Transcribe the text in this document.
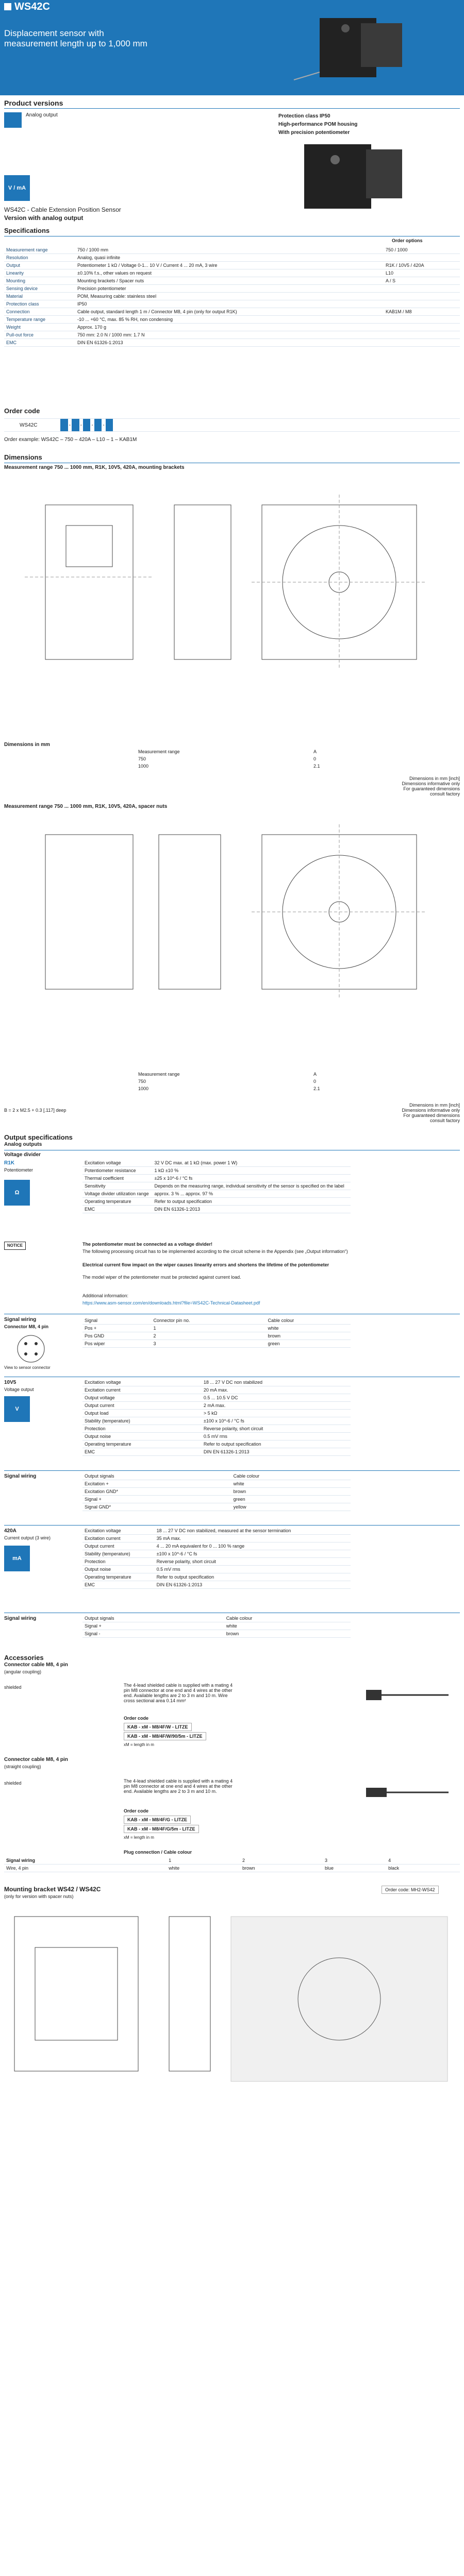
WS42C
Displacement sensor with measurement length up to 1,000 mm
Product versions
Analog output	Protection class IP50
High-performance POM housing
With precision potentiometer
V / mA
WS42C - Cable Extension Position Sensor
Version with analog output
Specifications
Order options
Measurement range	750 / 1000 mm	750 / 1000
Resolution	Analog, quasi infinite	
Output	Potentiometer 1 kΩ / Voltage 0-1... 10 V / Current 4 ... 20 mA, 3 wire	R1K / 10V5 / 420A
Linearity	±0.10% f.s., other values on request	L10
Mounting	Mounting brackets / Spacer nuts	A / S
Sensing device	Precision potentiometer	
Material	POM, Measuring cable: stainless steel	
Protection class	IP50	
Connection	Cable output, standard length 1 m / Connector M8, 4 pin (only for output R1K)	KAB1M / M8
Temperature range	-10 ... +60 °C, max. 85 % RH, non condensing	
Weight	Approx. 170 g	
Pull-out force	750 mm: 2.0 N / 1000 mm: 1.7 N	
EMC	DIN EN 61326-1:2013	
Order code
WS42C	- - - -
Order example: WS42C – 750 – 420A – L10 – 1 – KAB1M
Dimensions
Measurement range 750 ... 1000 mm, R1K, 10V5, 420A, mounting brackets
Dimensions in mm
Measurement range	A
750	0
1000	2.1
Dimensions in mm [inch]
Dimensions informative only
For guaranteed dimensions consult factory
Measurement range 750 ... 1000 mm, R1K, 10V5, 420A, spacer nuts
Measurement range	A
750	0
1000	2.1
B = 2 x M2.5 + 0.3 [.117] deep
Dimensions in mm [inch]
Dimensions informative only
For guaranteed dimensions consult factory
Output specifications
Analog outputs
Voltage divider
R1K
Potentiometer
Ω
Excitation voltage	32 V DC max. at 1 kΩ (max. power 1 W)
Potentiometer resistance	1 kΩ ±10 %
Thermal coefficient	±25 x 10^-6 / °C fs
Sensitivity	Depends on the measuring range, individual sensitivity of the sensor is specified on the label
Voltage divider utilization range	approx. 3 % ... approx. 97 %
Operating temperature	Refer to output specification
EMC	DIN EN 61326-1:2013
NOTICE	The potentiometer must be connected as a voltage divider!
The following processing circuit has to be implemented according to the circuit scheme in the Appendix (see „Output information“)
Electrical current flow impact on the wiper causes linearity errors and shortens the lifetime of the potentiometer
The model wiper of the potentiometer must be protected against current load.
Additional information:
https://www.asm-sensor.com/en/downloads.html?file=WS42C-Technical-Datasheet.pdf
Signal wiring
Connector M8, 4 pin
View to sensor connector
Signal	Connector pin no.	Cable colour
Pos +	1	white
Pos GND	2	brown
Pos wiper	3	green
10V5
Voltage output
V
Excitation voltage	18 ... 27 V DC non stabilized
Excitation current	20 mA max.
Output voltage	0.5 ... 10.5 V DC
Output current	2 mA max.
Output load	> 5 kΩ
Stability (temperature)	±100 x 10^-6 / °C fs
Protection	Reverse polarity, short circuit
Output noise	0.5 mV rms
Operating temperature	Refer to output specification
EMC	DIN EN 61326-1:2013
Signal wiring	Output signals	Cable colour
Excitation +	white
Excitation GND*	brown
Signal +	green
Signal GND*	yellow
420A
Current output (3 wire)
mA
Excitation voltage	18 ... 27 V DC non stabilized, measured at the sensor termination
Excitation current	35 mA max.
Output current	4 ... 20 mA equivalent for 0 ... 100 % range
Stability (temperature)	±100 x 10^-6 / °C fs
Protection	Reverse polarity, short circuit
Output noise	0.5 mV rms
Operating temperature	Refer to output specification
EMC	DIN EN 61326-1:2013
Signal wiring	Output signals	Cable colour
Signal +	white
Signal -	brown
Accessories
Connector cable M8, 4 pin
(angular coupling)
shielded	The 4-lead shielded cable is supplied with a mating 4 pin M8 connector at one end and 4 wires at the other end. Available lengths are 2 to 3 m and 10 m. Wire cross sectional area 0.14 mm²
Order code
KAB - xM - M8/4F/W - LITZE
KAB - xM - M8/4F/W/90/5m - LITZE
xM = length in m
Connector cable M8, 4 pin
(straight coupling)
shielded	The 4-lead shielded cable is supplied with a mating 4 pin M8 connector at one end and 4 wires at the other end. Available lengths are 2 to 3 m and 10 m.
Order code
KAB - xM - M8/4F/G - LITZE
KAB - xM - M8/4F/G/5m - LITZE
xM = length in m
Plug connection / Cable colour
Signal wiring	1	2	3	4
Wire, 4 pin	white	brown	blue	black
Mounting bracket WS42 / WS42C
(only for version with spacer nuts)
Order code: MH2-WS42
